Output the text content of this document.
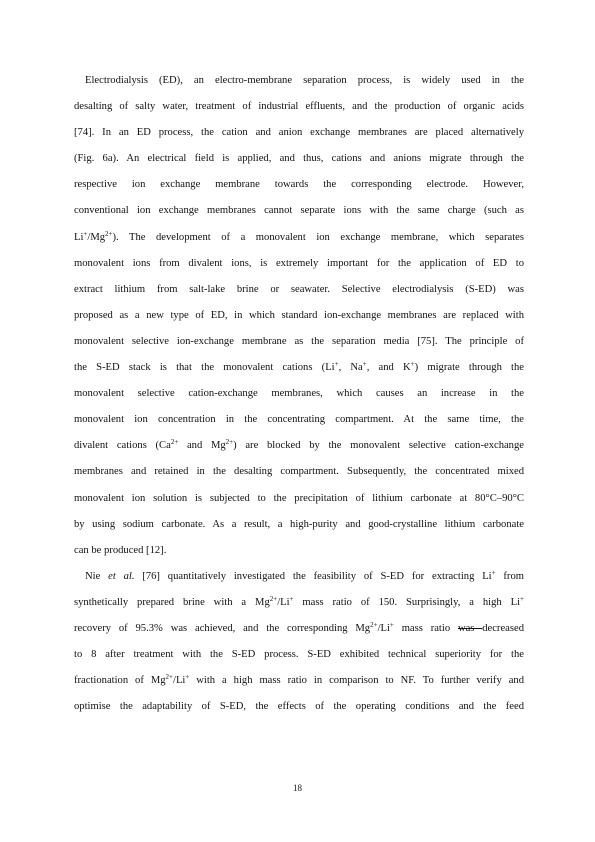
Electrodialysis (ED), an electro-membrane separation process, is widely used in the
desalting of salty water, treatment of industrial effluents, and the production of organic acids
[74]. In an ED process, the cation and anion exchange membranes are placed alternatively
(Fig. 6a). An electrical field is applied, and thus, cations and anions migrate through the
respective ion exchange membrane towards the corresponding electrode. However,
conventional ion exchange membranes cannot separate ions with the same charge (such as
$Li^+/Mg^{2+}$). The development of a monovalent ion exchange membrane, which separates
monovalent ions from divalent ions, is extremely important for the application of ED to
extract lithium from salt-lake brine or seawater. Selective electrodialysis (S-ED) was
proposed as a new type of ED, in which standard ion-exchange membranes are replaced with
monovalent selective ion-exchange membrane as the separation media [75]. The principle of
the S-ED stack is that the monovalent cations (Li+, Na+, and K+) migrate through the
monovalent selective cation-exchange membranes, which causes an increase in the
monovalent ion concentration in the concentrating compartment. At the same time, the
divalent cations ($Ca^{2+}$ and $Mg^{2+}$) are blocked by the monovalent selective cation-exchange
membranes and retained in the desalting compartment. Subsequently, the concentrated mixed
monovalent ion solution is subjected to the precipitation of lithium carbonate at 80°C–90°C
by using sodium carbonate. As a result, a high-purity and good-crystalline lithium carbonate
can be produced [12].
Nie et al. [76] quantitatively investigated the feasibility of S-ED for extracting Li+ from
synthetically prepared brine with a $Mg^{2+}/Li^+$ mass ratio of 150. Surprisingly, a high Li+
recovery of 95.3% was achieved, and the corresponding $Mg^{2+}/Li^+$ mass ratio was decreased
to 8 after treatment with the S-ED process. S-ED exhibited technical superiority for the
fractionation of $Mg^{2+}/Li^+$ with a high mass ratio in comparison to NF. To further verify and
optimise the adaptability of S-ED, the effects of the operating conditions and the feed
18
